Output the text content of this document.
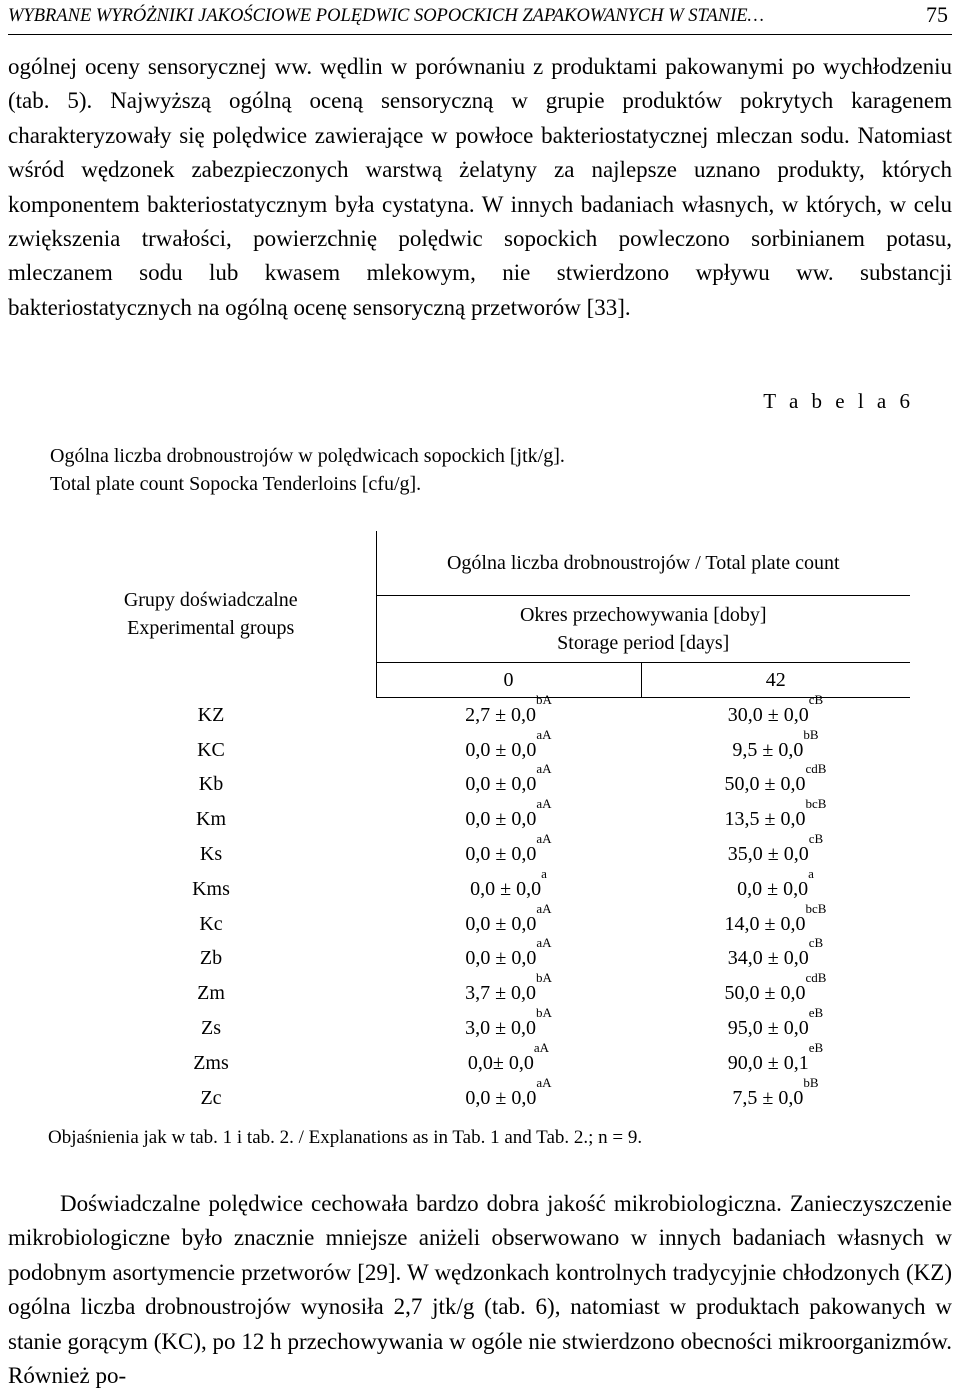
WYBRANE WYRÓŻNIKI JAKOŚCIOWE POLĘDWIC SOPOCKICH ZAPAKOWANYCH W STANIE…	75

ogólnej oceny sensorycznej ww. wędlin w porównaniu z produktami pakowanymi po wychłodzeniu (tab. 5). Najwyższą ogólną oceną sensoryczną w grupie produktów pokrytych karagenem charakteryzowały się polędwice zawierające w powłoce bakteriostatycznej mleczan sodu. Natomiast wśród wędzonek zabezpieczonych warstwą żelatyny za najlepsze uznano produkty, których komponentem bakteriostatycznym była cystatyna. W innych badaniach własnych, w których, w celu zwiększenia trwałości, powierzchnię polędwic sopockich powleczono sorbinianem potasu, mleczanem sodu lub kwasem mlekowym, nie stwierdzono wpływu ww. substancji bakteriostatycznych na ogólną ocenę sensoryczną przetworów [33].

T a b e l a 6
Ogólna liczba drobnoustrojów w polędwicach sopockich [jtk/g].
Total plate count Sopocka Tenderloins [cfu/g].
Grupy doświadczalne
Experimental groups	Ogólna liczba drobnoustrojów / Total plate count	

	Okres przechowywania [doby]
Storage period [days]	

	0	42
KZ	$2,7 \pm 0,0^{bA}$	$30,0 \pm 0,0^{cB}$
KC	$0,0 \pm 0,0^{aA}$	$9,5 \pm 0,0^{bB}$
Kb	$0,0 \pm 0,0^{aA}$	$50,0 \pm 0,0^{cdB}$
Km	$0,0 \pm 0,0^{aA}$	$13,5 \pm 0,0^{bcB}$
Ks	$0,0 \pm 0,0^{aA}$	$35,0 \pm 0,0^{cB}$
Kms	0,0 ± 0,0$^a$	0,0 ± 0,0$^a$
Kc	$0,0 \pm 0,0^{aA}$	$14,0 \pm 0,0^{bcB}$
Zb	$0,0 \pm 0,0^{aA}$	$34,0 \pm 0,0^{cB}$
Zm	$3,7 \pm 0,0^{bA}$	$50,0 \pm 0,0^{cdB}$
Zs	$3,0 \pm 0,0^{bA}$	$95,0 \pm 0,0^{eB}$
Zms	$0,0\pm 0,0^{aA}$	$90,0 \pm 0,1^{eB}$
Zc	$0,0 \pm 0,0^{aA}$	$7,5 \pm 0,0^{bB}$
Objaśnienia jak w tab. 1 i tab. 2. / Explanations as in Tab. 1 and Tab. 2.; n = 9.

Doświadczalne polędwice cechowała bardzo dobra jakość mikrobiologiczna. Zanieczyszczenie mikrobiologiczne było znacznie mniejsze aniżeli obserwowano w innych badaniach własnych w podobnym asortymencie przetworów [29]. W wędzonkach kontrolnych tradycyjnie chłodzonych (KZ) ogólna liczba drobnoustrojów wynosiła 2,7 jtk/g (tab. 6), natomiast w produktach pakowanych w stanie gorącym (KC), po 12 h przechowywania w ogóle nie stwierdzono obecności mikroorganizmów. Również po-
